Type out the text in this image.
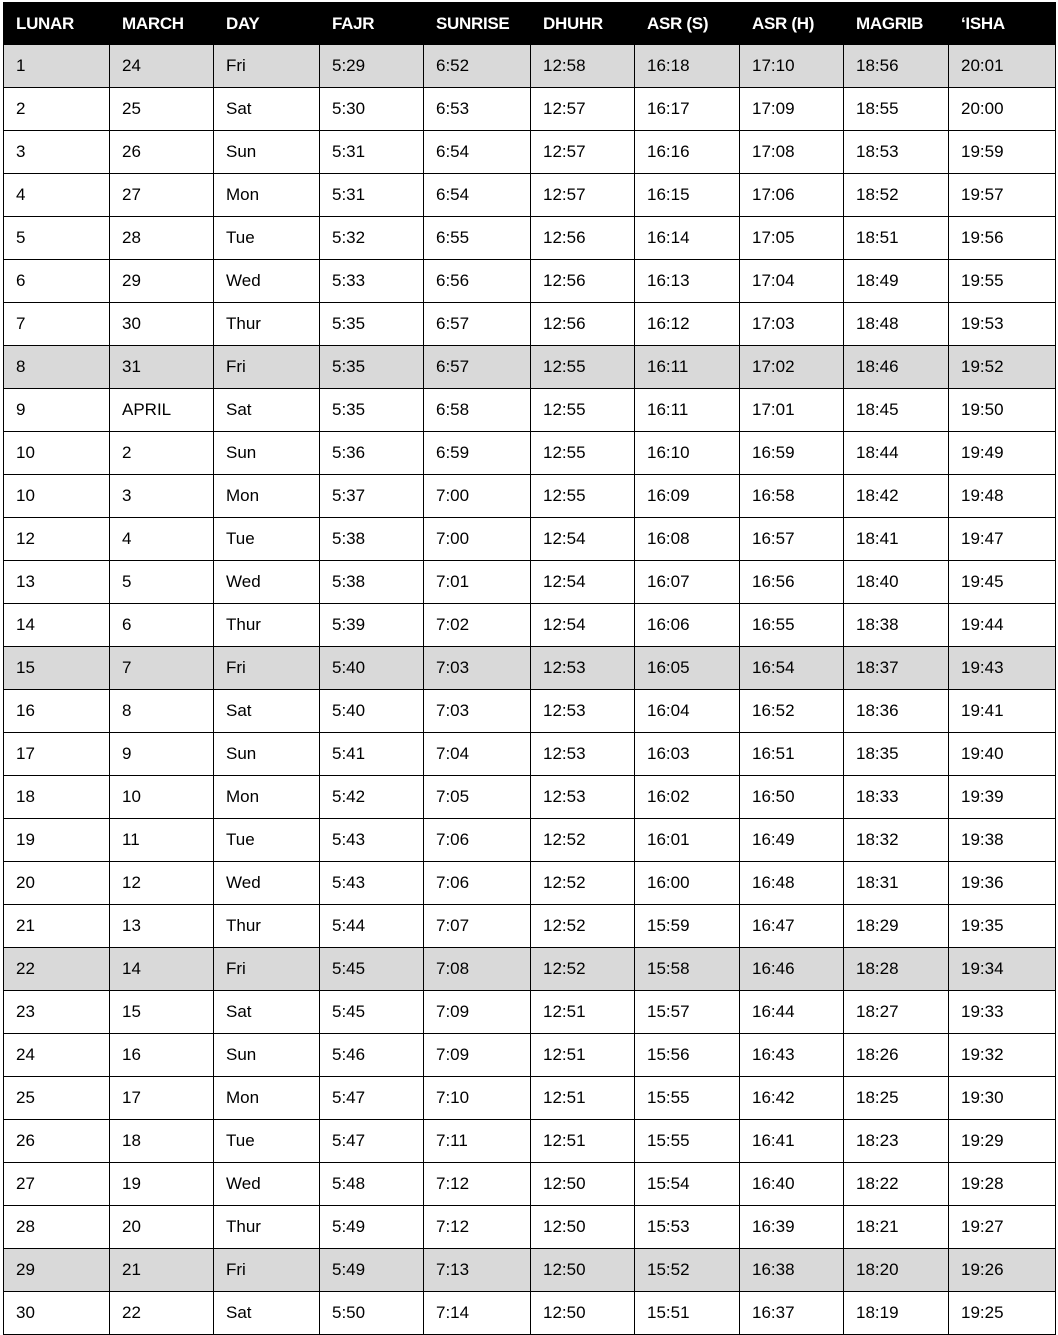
LUNAR	MARCH	DAY	FAJR	SUNRISE	DHUHR	ASR (S)	ASR (H)	MAGRIB	‘ISHA
1	24	Fri	5:29	6:52	12:58	16:18	17:10	18:56	20:01
2	25	Sat	5:30	6:53	12:57	16:17	17:09	18:55	20:00
3	26	Sun	5:31	6:54	12:57	16:16	17:08	18:53	19:59
4	27	Mon	5:31	6:54	12:57	16:15	17:06	18:52	19:57
5	28	Tue	5:32	6:55	12:56	16:14	17:05	18:51	19:56
6	29	Wed	5:33	6:56	12:56	16:13	17:04	18:49	19:55
7	30	Thur	5:35	6:57	12:56	16:12	17:03	18:48	19:53
8	31	Fri	5:35	6:57	12:55	16:11	17:02	18:46	19:52
9	APRIL	Sat	5:35	6:58	12:55	16:11	17:01	18:45	19:50
10	2	Sun	5:36	6:59	12:55	16:10	16:59	18:44	19:49
10	3	Mon	5:37	7:00	12:55	16:09	16:58	18:42	19:48
12	4	Tue	5:38	7:00	12:54	16:08	16:57	18:41	19:47
13	5	Wed	5:38	7:01	12:54	16:07	16:56	18:40	19:45
14	6	Thur	5:39	7:02	12:54	16:06	16:55	18:38	19:44
15	7	Fri	5:40	7:03	12:53	16:05	16:54	18:37	19:43
16	8	Sat	5:40	7:03	12:53	16:04	16:52	18:36	19:41
17	9	Sun	5:41	7:04	12:53	16:03	16:51	18:35	19:40
18	10	Mon	5:42	7:05	12:53	16:02	16:50	18:33	19:39
19	11	Tue	5:43	7:06	12:52	16:01	16:49	18:32	19:38
20	12	Wed	5:43	7:06	12:52	16:00	16:48	18:31	19:36
21	13	Thur	5:44	7:07	12:52	15:59	16:47	18:29	19:35
22	14	Fri	5:45	7:08	12:52	15:58	16:46	18:28	19:34
23	15	Sat	5:45	7:09	12:51	15:57	16:44	18:27	19:33
24	16	Sun	5:46	7:09	12:51	15:56	16:43	18:26	19:32
25	17	Mon	5:47	7:10	12:51	15:55	16:42	18:25	19:30
26	18	Tue	5:47	7:11	12:51	15:55	16:41	18:23	19:29
27	19	Wed	5:48	7:12	12:50	15:54	16:40	18:22	19:28
28	20	Thur	5:49	7:12	12:50	15:53	16:39	18:21	19:27
29	21	Fri	5:49	7:13	12:50	15:52	16:38	18:20	19:26
30	22	Sat	5:50	7:14	12:50	15:51	16:37	18:19	19:25
